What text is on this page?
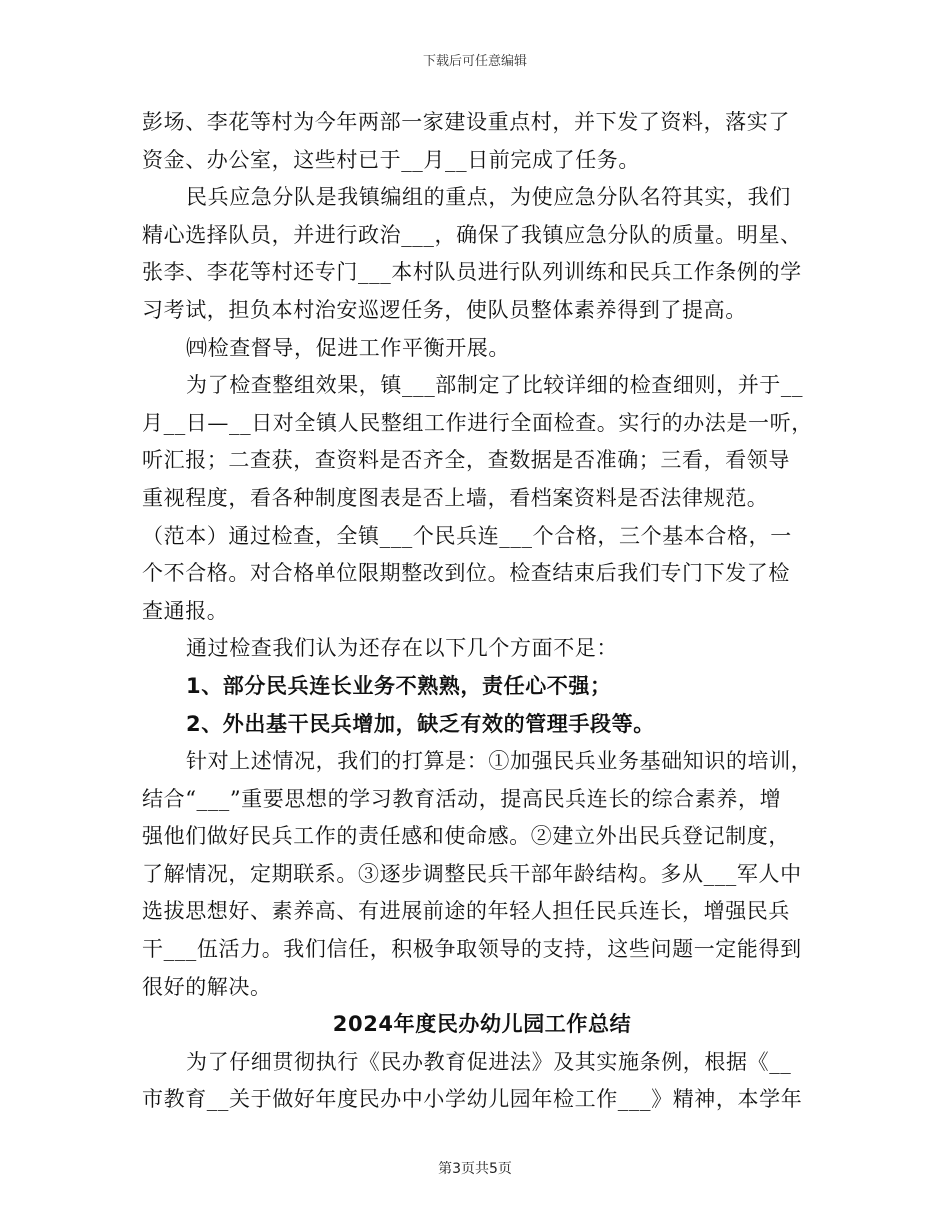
下载后可任意编辑
彭场、李花等村为今年两部一家建设重点村，并下发了资料，落实了
资金、办公室，这些村已于__月__日前完成了任务。
民兵应急分队是我镇编组的重点，为使应急分队名符其实，我们
精心选择队员，并进行政治___，确保了我镇应急分队的质量。明星、
张李、李花等村还专门___本村队员进行队列训练和民兵工作条例的学
习考试，担负本村治安巡逻任务，使队员整体素养得到了提高。
㈣检查督导，促进工作平衡开展。
为了检查整组效果，镇___部制定了比较详细的检查细则，并于__
月__日—__日对全镇人民整组工作进行全面检查。实行的办法是一听，
听汇报；二查获，查资料是否齐全，查数据是否准确；三看，看领导
重视程度，看各种制度图表是否上墙，看档案资料是否法律规范。
（范本）通过检查，全镇___个民兵连___个合格，三个基本合格，一
个不合格。对合格单位限期整改到位。检查结束后我们专门下发了检
查通报。
通过检查我们认为还存在以下几个方面不足：
1、部分民兵连长业务不熟熟，责任心不强；
2、外出基干民兵增加，缺乏有效的管理手段等。
针对上述情况，我们的打算是：①加强民兵业务基础知识的培训，
结合“___”重要思想的学习教育活动，提高民兵连长的综合素养，增
强他们做好民兵工作的责任感和使命感。②建立外出民兵登记制度，
了解情况，定期联系。③逐步调整民兵干部年龄结构。多从___军人中
选拔思想好、素养高、有进展前途的年轻人担任民兵连长，增强民兵
干___伍活力。我们信任，积极争取领导的支持，这些问题一定能得到
很好的解决。
2024年度民办幼儿园工作总结
为了仔细贯彻执行《民办教育促进法》及其实施条例，根据《__
市教育__关于做好年度民办中小学幼儿园年检工作___》精神，本学年
第3页共5页
